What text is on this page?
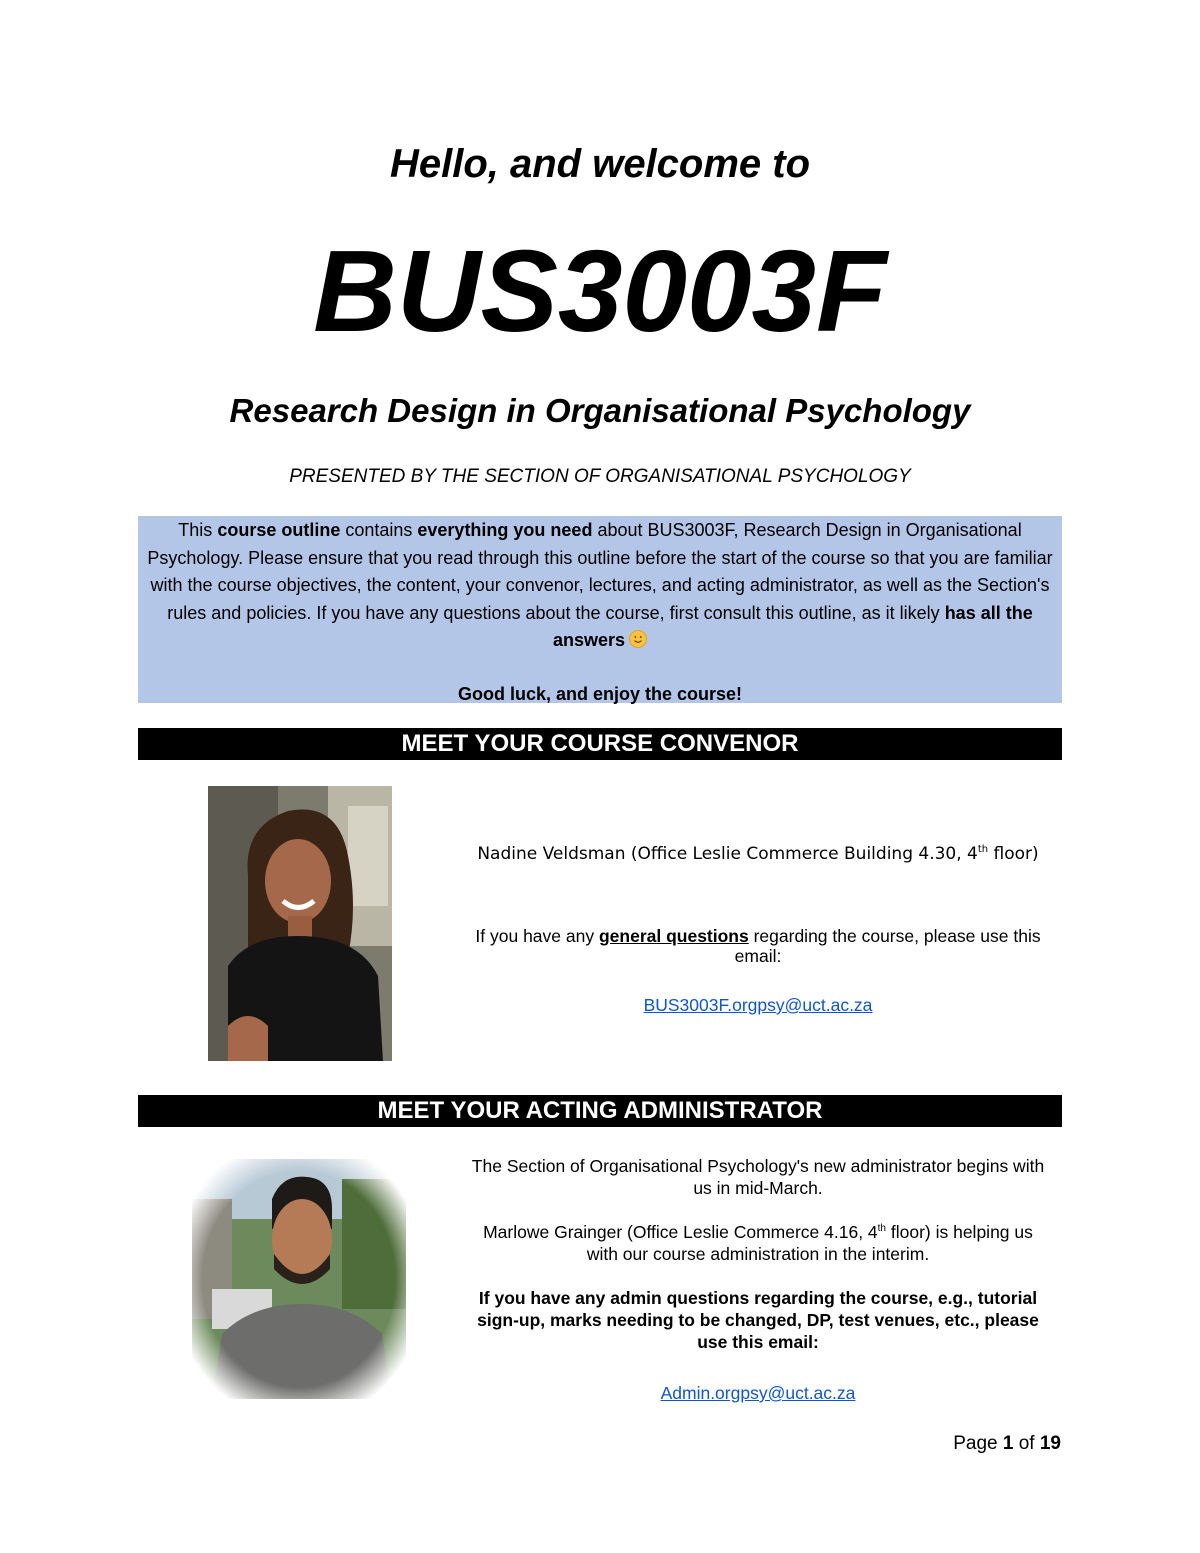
Hello, and welcome to
BUS3003F
Research Design in Organisational Psychology
PRESENTED BY THE SECTION OF ORGANISATIONAL PSYCHOLOGY

This course outline contains everything you need about BUS3003F, Research Design in Organisational Psychology. Please ensure that you read through this outline before the start of the course so that you are familiar with the course objectives, the content, your convenor, lectures, and acting administrator, as well as the Section's rules and policies. If you have any questions about the course, first consult this outline, as it likely has all the answers

Good luck, and enjoy the course!

MEET YOUR COURSE CONVENOR
Nadine Veldsman (Office Leslie Commerce Building 4.30, 4th floor)
If you have any general questions regarding the course, please use this email:
BUS3003F.orgpsy@uct.ac.za
MEET YOUR ACTING ADMINISTRATOR

The Section of Organisational Psychology's new administrator begins with us in mid-March.

Marlowe Grainger (Office Leslie Commerce 4.16, 4th floor) is helping us with our course administration in the interim.

If you have any admin questions regarding the course, e.g., tutorial sign-up, marks needing to be changed, DP, test venues, etc., please use this email:

Admin.orgpsy@uct.ac.za
Page 1 of 19
